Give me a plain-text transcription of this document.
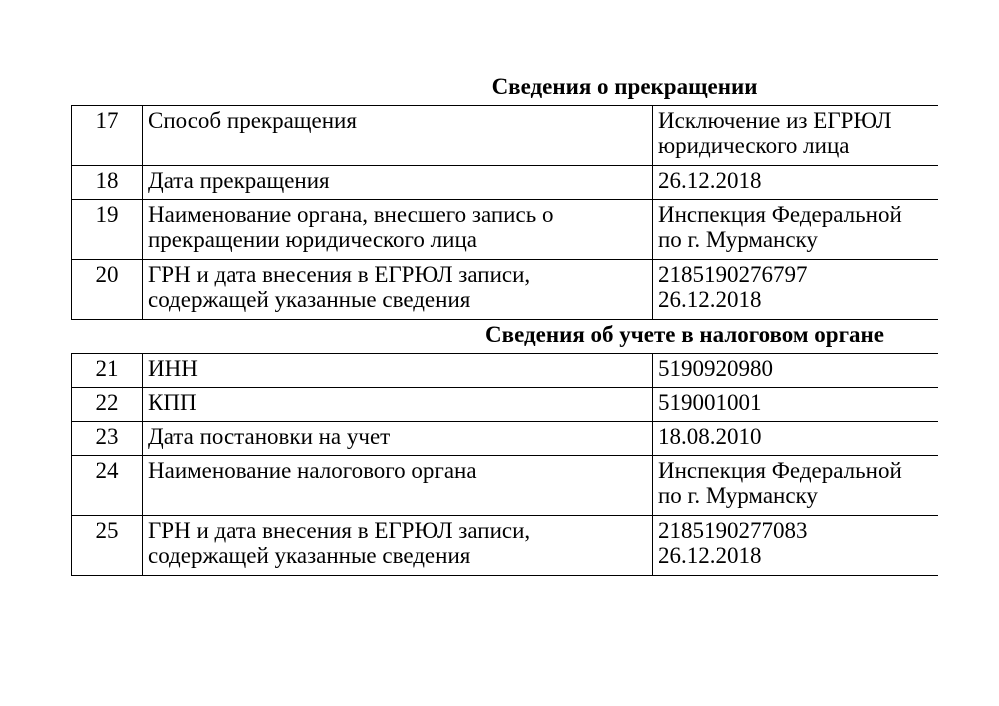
Сведения о прекращении		
17	Способ прекращения	Исключение из ЕГРЮЛ
юридического лица

18	Дата прекращения	26.12.2018

19	Наименование органа, внесшего запись о
прекращении юридического лица	Инспекция Федеральной
по г. Мурманску

20	ГРН и дата внесения в ЕГРЮЛ записи,
содержащей указанные сведения	2185190276797
26.12.2018

Сведения об учете в налоговом органе		
21	ИНН	5190920980

22	КПП	519001001

23	Дата постановки на учет	18.08.2010

24	Наименование налогового органа	Инспекция Федеральной
по г. Мурманску

25	ГРН и дата внесения в ЕГРЮЛ записи,
содержащей указанные сведения	2185190277083
26.12.2018
